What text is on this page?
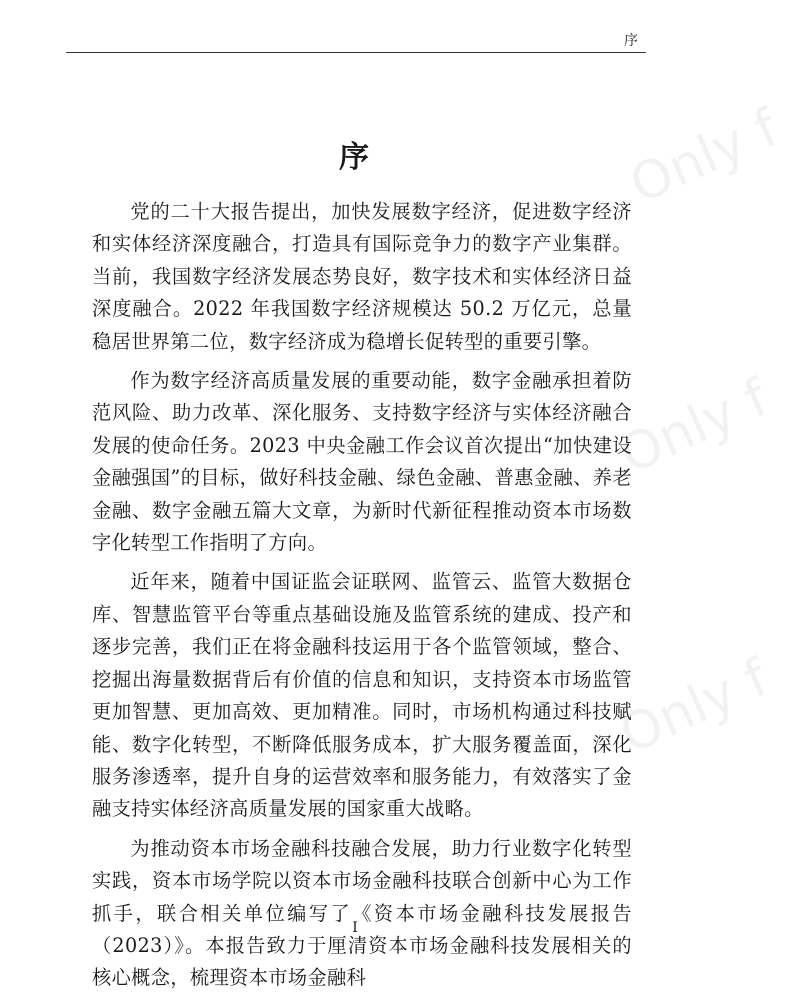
Only f
Only f
Only f
序
序

党的二十大报告提出，加快发展数字经济，促进数字经济和实体经济深度融合，打造具有国际竞争力的数字产业集群。当前，我国数字经济发展态势良好，数字技术和实体经济日益深度融合。2022 年我国数字经济规模达 50.2 万亿元，总量稳居世界第二位，数字经济成为稳增长促转型的重要引擎。

作为数字经济高质量发展的重要动能，数字金融承担着防范风险、助力改革、深化服务、支持数字经济与实体经济融合发展的使命任务。2023 中央金融工作会议首次提出“加快建设金融强国”的目标，做好科技金融、绿色金融、普惠金融、养老金融、数字金融五篇大文章，为新时代新征程推动资本市场数字化转型工作指明了方向。

近年来，随着中国证监会证联网、监管云、监管大数据仓库、智慧监管平台等重点基础设施及监管系统的建成、投产和逐步完善，我们正在将金融科技运用于各个监管领域，整合、挖掘出海量数据背后有价值的信息和知识，支持资本市场监管更加智慧、更加高效、更加精准。同时，市场机构通过科技赋能、数字化转型，不断降低服务成本，扩大服务覆盖面，深化服务渗透率，提升自身的运营效率和服务能力，有效落实了金融支持实体经济高质量发展的国家重大战略。

为推动资本市场金融科技融合发展，助力行业数字化转型实践，资本市场学院以资本市场金融科技联合创新中心为工作抓手，联合相关单位编写了《资本市场金融科技发展报告（2023）》。本报告致力于厘清资本市场金融科技发展相关的核心概念，梳理资本市场金融科

I
